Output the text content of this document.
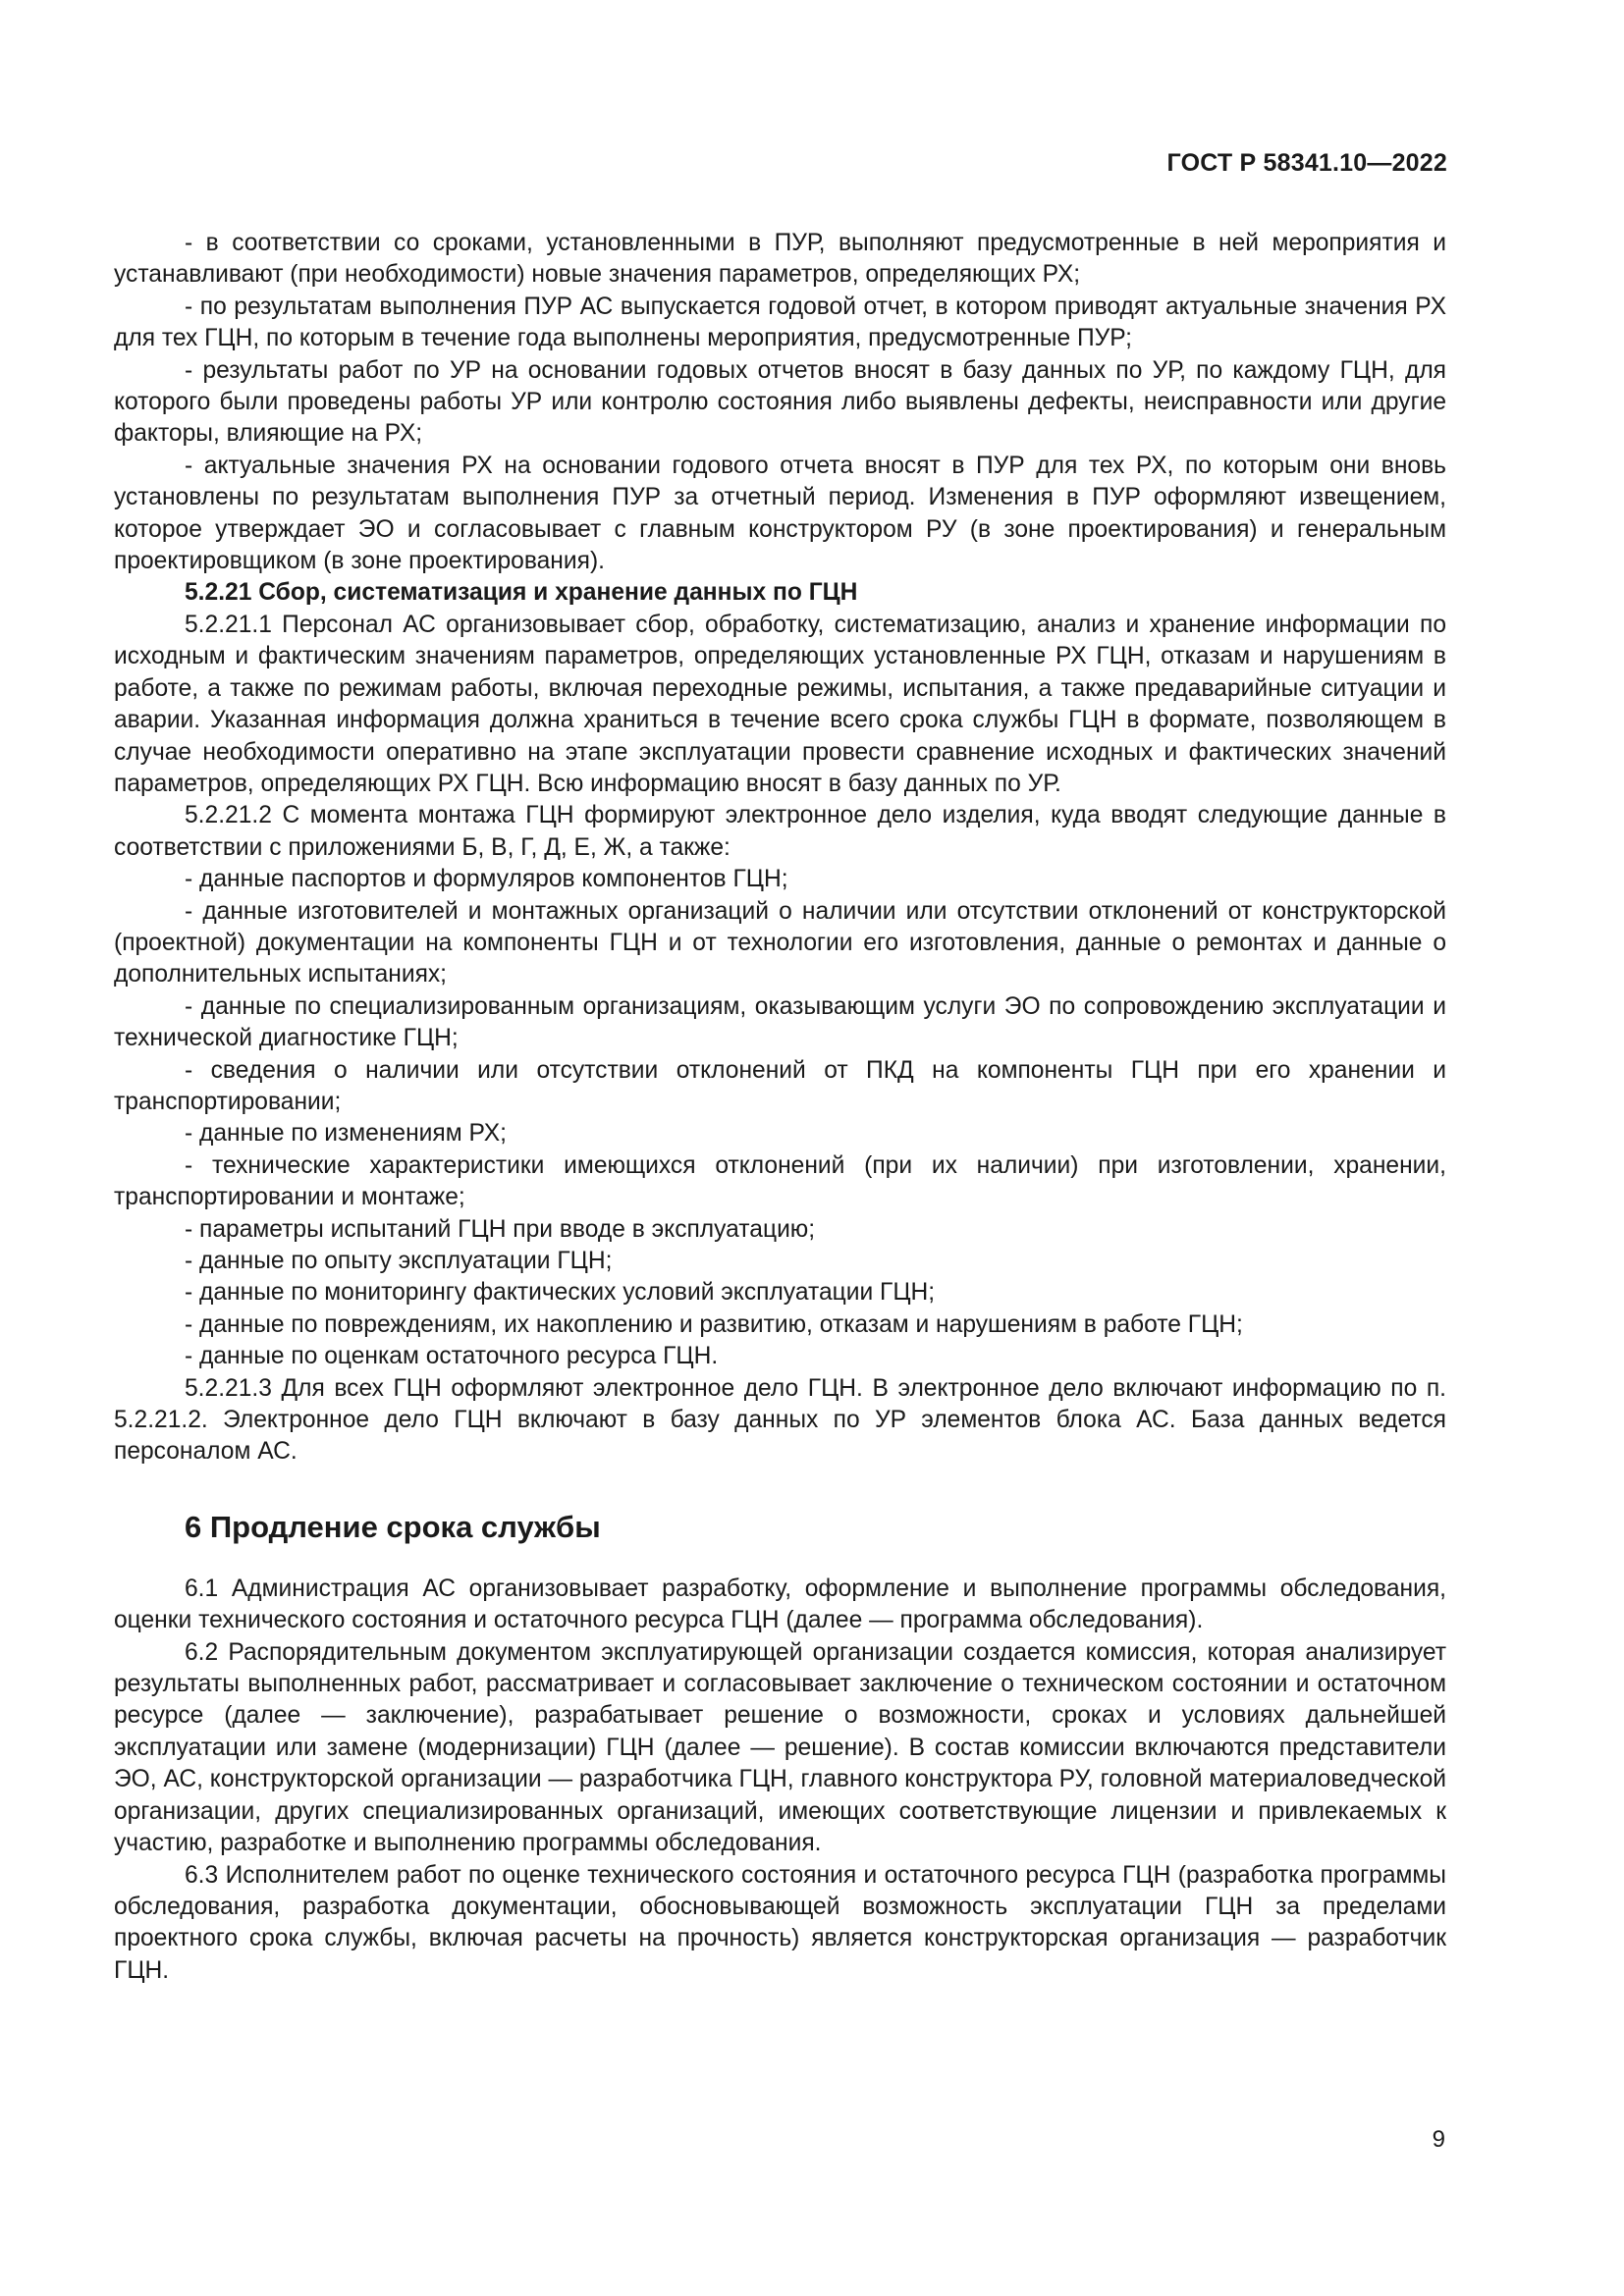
ГОСТ Р 58341.10—2022

- в соответствии со сроками, установленными в ПУР, выполняют предусмотренные в ней мероприятия и устанавливают (при необходимости) новые значения параметров, определяющих РХ;

- по результатам выполнения ПУР АС выпускается годовой отчет, в котором приводят актуальные значения РХ для тех ГЦН, по которым в течение года выполнены мероприятия, предусмотренные ПУР;

- результаты работ по УР на основании годовых отчетов вносят в базу данных по УР, по каждому ГЦН, для которого были проведены работы УР или контролю состояния либо выявлены дефекты, неисправности или другие факторы, влияющие на РХ;

- актуальные значения РХ на основании годового отчета вносят в ПУР для тех РХ, по которым они вновь установлены по результатам выполнения ПУР за отчетный период. Изменения в ПУР оформляют извещением, которое утверждает ЭО и согласовывает с главным конструктором РУ (в зоне проектирования) и генеральным проектировщиком (в зоне проектирования).

5.2.21 Сбор, систематизация и хранение данных по ГЦН

5.2.21.1 Персонал АС организовывает сбор, обработку, систематизацию, анализ и хранение информации по исходным и фактическим значениям параметров, определяющих установленные РХ ГЦН, отказам и нарушениям в работе, а также по режимам работы, включая переходные режимы, испытания, а также предаварийные ситуации и аварии. Указанная информация должна храниться в течение всего срока службы ГЦН в формате, позволяющем в случае необходимости оперативно на этапе эксплуатации провести сравнение исходных и фактических значений параметров, определяющих РХ ГЦН. Всю информацию вносят в базу данных по УР.

5.2.21.2 С момента монтажа ГЦН формируют электронное дело изделия, куда вводят следующие данные в соответствии с приложениями Б, В, Г, Д, Е, Ж, а также:

- данные паспортов и формуляров компонентов ГЦН;

- данные изготовителей и монтажных организаций о наличии или отсутствии отклонений от конструкторской (проектной) документации на компоненты ГЦН и от технологии его изготовления, данные о ремонтах и данные о дополнительных испытаниях;

- данные по специализированным организациям, оказывающим услуги ЭО по сопровождению эксплуатации и технической диагностике ГЦН;

- сведения о наличии или отсутствии отклонений от ПКД на компоненты ГЦН при его хранении и транспортировании;

- данные по изменениям РХ;

- технические характеристики имеющихся отклонений (при их наличии) при изготовлении, хранении, транспортировании и монтаже;

- параметры испытаний ГЦН при вводе в эксплуатацию;

- данные по опыту эксплуатации ГЦН;

- данные по мониторингу фактических условий эксплуатации ГЦН;

- данные по повреждениям, их накоплению и развитию, отказам и нарушениям в работе ГЦН;

- данные по оценкам остаточного ресурса ГЦН.

5.2.21.3 Для всех ГЦН оформляют электронное дело ГЦН. В электронное дело включают информацию по п. 5.2.21.2. Электронное дело ГЦН включают в базу данных по УР элементов блока АС. База данных ведется персоналом АС.

6 Продление срока службы

6.1 Администрация АС организовывает разработку, оформление и выполнение программы обследования, оценки технического состояния и остаточного ресурса ГЦН (далее — программа обследования).

6.2 Распорядительным документом эксплуатирующей организации создается комиссия, которая анализирует результаты выполненных работ, рассматривает и согласовывает заключение о техническом состоянии и остаточном ресурсе (далее — заключение), разрабатывает решение о возможности, сроках и условиях дальнейшей эксплуатации или замене (модернизации) ГЦН (далее — решение). В состав комиссии включаются представители ЭО, АС, конструкторской организации — разработчика ГЦН, главного конструктора РУ, головной материаловедческой организации, других специализированных организаций, имеющих соответствующие лицензии и привлекаемых к участию, разработке и выполнению программы обследования.

6.3 Исполнителем работ по оценке технического состояния и остаточного ресурса ГЦН (разработка программы обследования, разработка документации, обосновывающей возможность эксплуатации ГЦН за пределами проектного срока службы, включая расчеты на прочность) является конструкторская организация — разработчик ГЦН.

9
